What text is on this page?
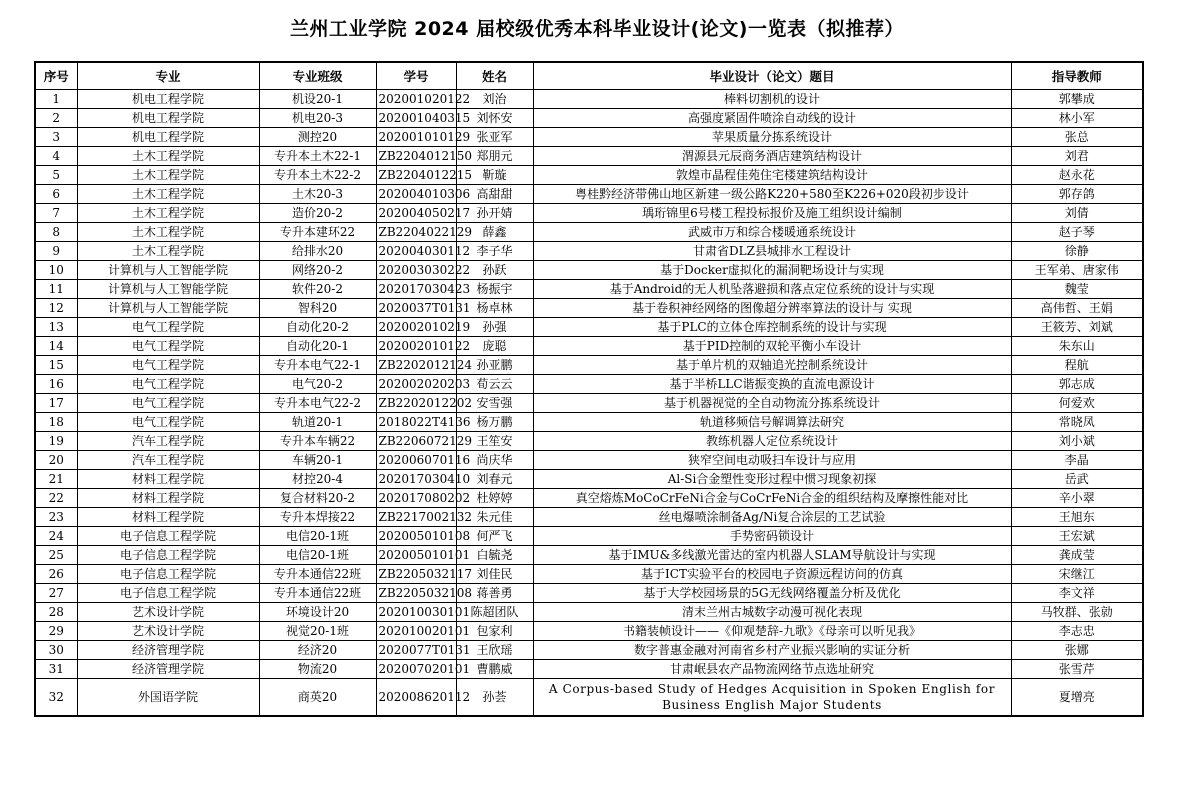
兰州工业学院 2024 届校级优秀本科毕业设计(论文)一览表（拟推荐）
序号	专业	专业班级	学号	姓名	毕业设计（论文）题目	指导教师
1	机电工程学院	机设20-1	202001020122	刘治	棒料切割机的设计	郭攀成
2	机电工程学院	机电20-3	202001040315	刘怀安	高强度紧固件喷涂自动线的设计	林小军
3	机电工程学院	测控20	202001010129	张亚军	苹果质量分拣系统设计	张总
4	土木工程学院	专升本土木22-1	ZB2204012150	郑朋元	渭源县元辰商务酒店建筑结构设计	刘君
5	土木工程学院	专升本土木22-2	ZB2204012215	靳璇	敦煌市晶程佳苑住宅楼建筑结构设计	赵永花
6	土木工程学院	土木20-3	202004010306	高甜甜	粤桂黔经济带佛山地区新建一级公路K220+580至K226+020段初步设计	郭存鸽
7	土木工程学院	造价20-2	202004050217	孙开婧	瑀珩锦里6号楼工程投标报价及施工组织设计编制	刘倩
8	土木工程学院	专升本建环22	ZB2204022129	薛鑫	武威市万和综合楼暖通系统设计	赵子琴
9	土木工程学院	给排水20	202004030112	李子华	甘肃省DLZ县城排水工程设计	徐静
10	计算机与人工智能学院	网络20-2	202003030222	孙跃	基于Docker虚拟化的漏洞靶场设计与实现	王军弟、唐家伟
11	计算机与人工智能学院	软件20-2	202017030423	杨振宇	基于Android的无人机坠落避损和落点定位系统的设计与实现	魏莹
12	计算机与人工智能学院	智科20	2020037T0131	杨卓林	基于卷积神经网络的图像超分辨率算法的设计与 实现	高伟哲、王娟
13	电气工程学院	自动化20-2	202002010219	孙强	基于PLC的立体仓库控制系统的设计与实现	王筱芳、刘斌
14	电气工程学院	自动化20-1	202002010122	庞聪	基于PID控制的双轮平衡小车设计	朱东山
15	电气工程学院	专升本电气22-1	ZB2202012124	孙亚鹏	基于单片机的双轴追光控制系统设计	程航
16	电气工程学院	电气20-2	202002020203	荀云云	基于半桥LLC谐振变换的直流电源设计	郭志成
17	电气工程学院	专升本电气22-2	ZB2202012202	安雪强	基于机器视觉的全自动物流分拣系统设计	何爱欢
18	电气工程学院	轨道20-1	2018022T4136	杨万鹏	轨道移频信号解调算法研究	常晓凤
19	汽车工程学院	专升本车辆22	ZB2206072129	王笙安	教练机器人定位系统设计	刘小斌
20	汽车工程学院	车辆20-1	202006070116	尚庆华	狭窄空间电动吸扫车设计与应用	李晶
21	材料工程学院	材控20-4	202017030410	刘春元	Al-Si合金塑性变形过程中惯习现象初探	岳武
22	材料工程学院	复合材料20-2	202017080202	杜婷婷	真空熔炼MoCoCrFeNi合金与CoCrFeNi合金的组织结构及摩擦性能对比	辛小翠
23	材料工程学院	专升本焊接22	ZB2217002132	朱元佳	丝电爆喷涂制备Ag/Ni复合涂层的工艺试验	王旭东
24	电子信息工程学院	电信20-1班	202005010108	何严飞	手势密码锁设计	王宏斌
25	电子信息工程学院	电信20-1班	202005010101	白毓尧	基于IMU&多线激光雷达的室内机器人SLAM导航设计与实现	龚成莹
26	电子信息工程学院	专升本通信22班	ZB2205032117	刘佳民	基于ICT实验平台的校园电子资源远程访问的仿真	宋继江
27	电子信息工程学院	专升本通信22班	ZB2205032108	蒋善勇	基于大学校园场景的5G无线网络覆盖分析及优化	李文祥
28	艺术设计学院	环境设计20	202010030101	陈超团队	清末兰州古城数字动漫可视化表现	马牧群、张勍
29	艺术设计学院	视觉20-1班	202010020101	包家利	书籍装帧设计——《仰观楚辞-九歌》《母亲可以听见我》	李志忠
30	经济管理学院	经济20	2020077T0131	王欣瑶	数字普惠金融对河南省乡村产业振兴影响的实证分析	张娜
31	经济管理学院	物流20	202007020101	曹鹏威	甘肃岷县农产品物流网络节点选址研究	张雪芹
32	外国语学院	商英20	202008620112	孙荟	A Corpus-based Study of Hedges Acquisition in Spoken English for Business English Major Students	夏增亮
